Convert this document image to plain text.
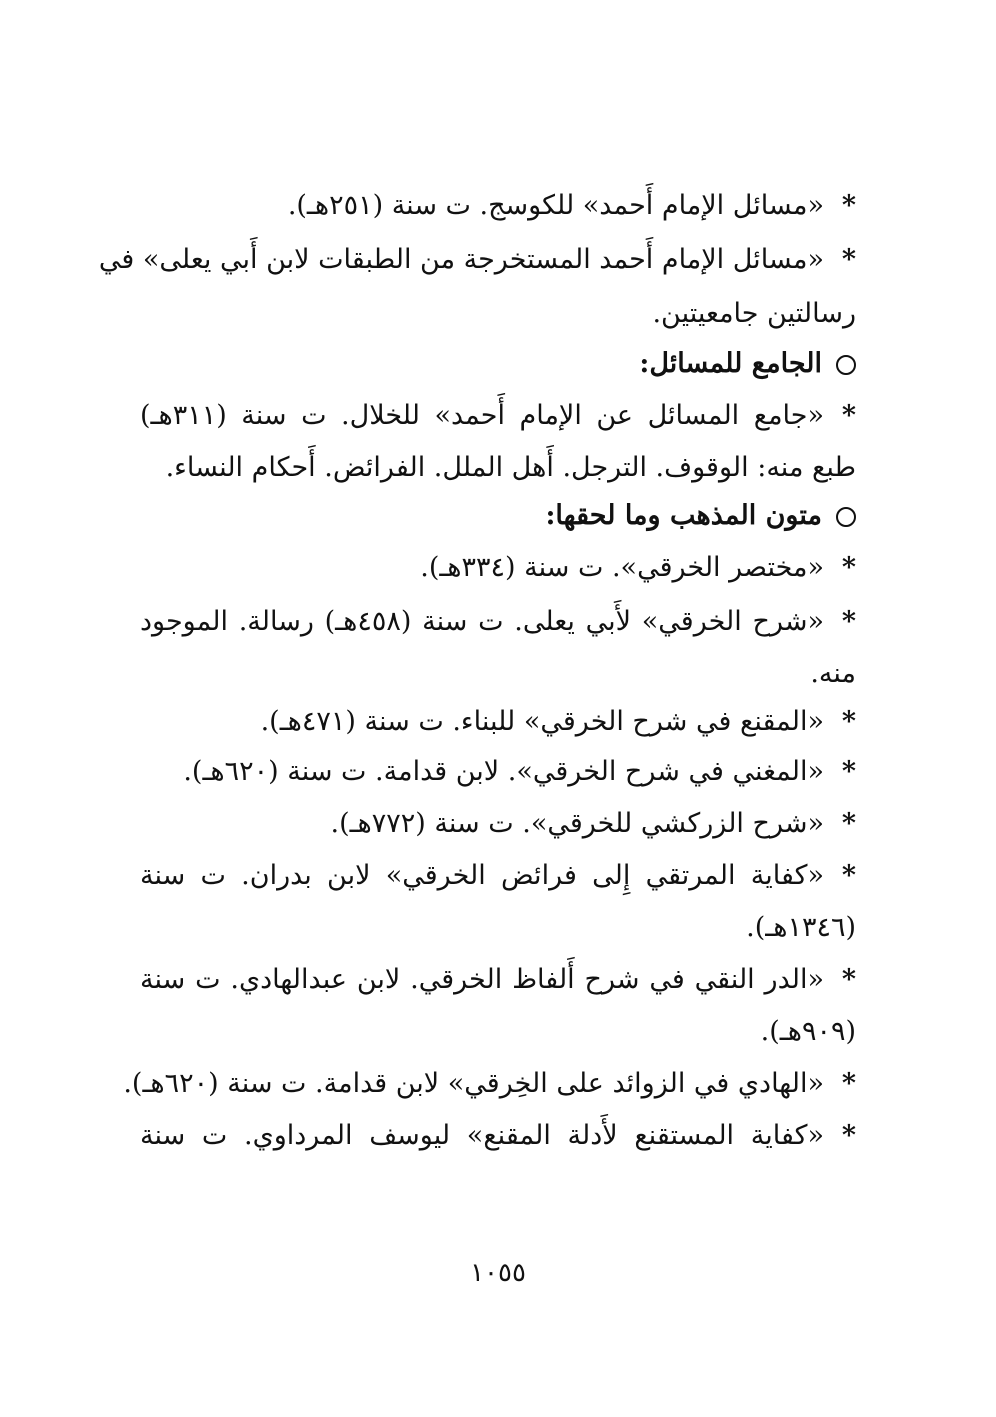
*«مسائل الإمام أَحمد» للكوسج. ت سنة (٢٥١هـ).
*«مسائل الإمام أَحمد المستخرجة من الطبقات لابن أَبي يعلى» في
رسالتين جامعيتين.
الجامع للمسائل:
*«جامع المسائل عن الإمام أَحمد» للخلال. ت سنة (٣١١هـ)
طبع منه: الوقوف. الترجل. أَهل الملل. الفرائض. أَحكام النساء.
متون المذهب وما لحقها:
*«مختصر الخرقي». ت سنة (٣٣٤هـ).
*«شرح الخرقي» لأَبي يعلى. ت سنة (٤٥٨هـ) رسالة. الموجود
منه.
*«المقنع في شرح الخرقي» للبناء. ت سنة (٤٧١هـ).
*«المغني في شرح الخرقي». لابن قدامة. ت سنة (٦٢٠هـ).
*«شرح الزركشي للخرقي». ت سنة (٧٧٢هـ).
*«كفاية المرتقي إِلى فرائض الخرقي» لابن بدران. ت سنة
(١٣٤٦هـ).
*«الدر النقي في شرح أَلفاظ الخرقي. لابن عبدالهادي. ت سنة
(٩٠٩هـ).
*«الهادي في الزوائد على الخِرقي» لابن قدامة. ت سنة (٦٢٠هـ).
*«كفاية المستقنع لأَدلة المقنع» ليوسف المرداوي. ت سنة
١٠٥٥
